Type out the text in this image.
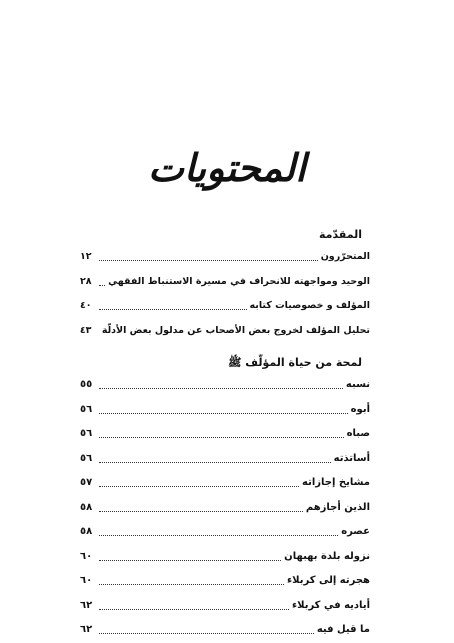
المحتويات
المقدّمة
المتحرّرون
١٢
الوحيد ومواجهته للانحراف في مسيرة الاستنباط الفقهي
٢٨
المؤلف و خصوصيات كتابه
٤٠
تحليل المؤلف لخروج بعض الأصحاب عن مدلول بعض الأدلّة
٤٣
لمحة من حياة المؤلّف ﷺ
نسبه
٥٥
أبوه
٥٦
صباه
٥٦
أساتذته
٥٦
مشايخ إجازاته
٥٧
الذين أجازهم
٥٨
عصره
٥٨
نزوله بلدة بهبهان
٦٠
هجرته إلى كربلاء
٦٠
أياديه في كربلاء
٦٢
ما قيل فيه
٦٢
